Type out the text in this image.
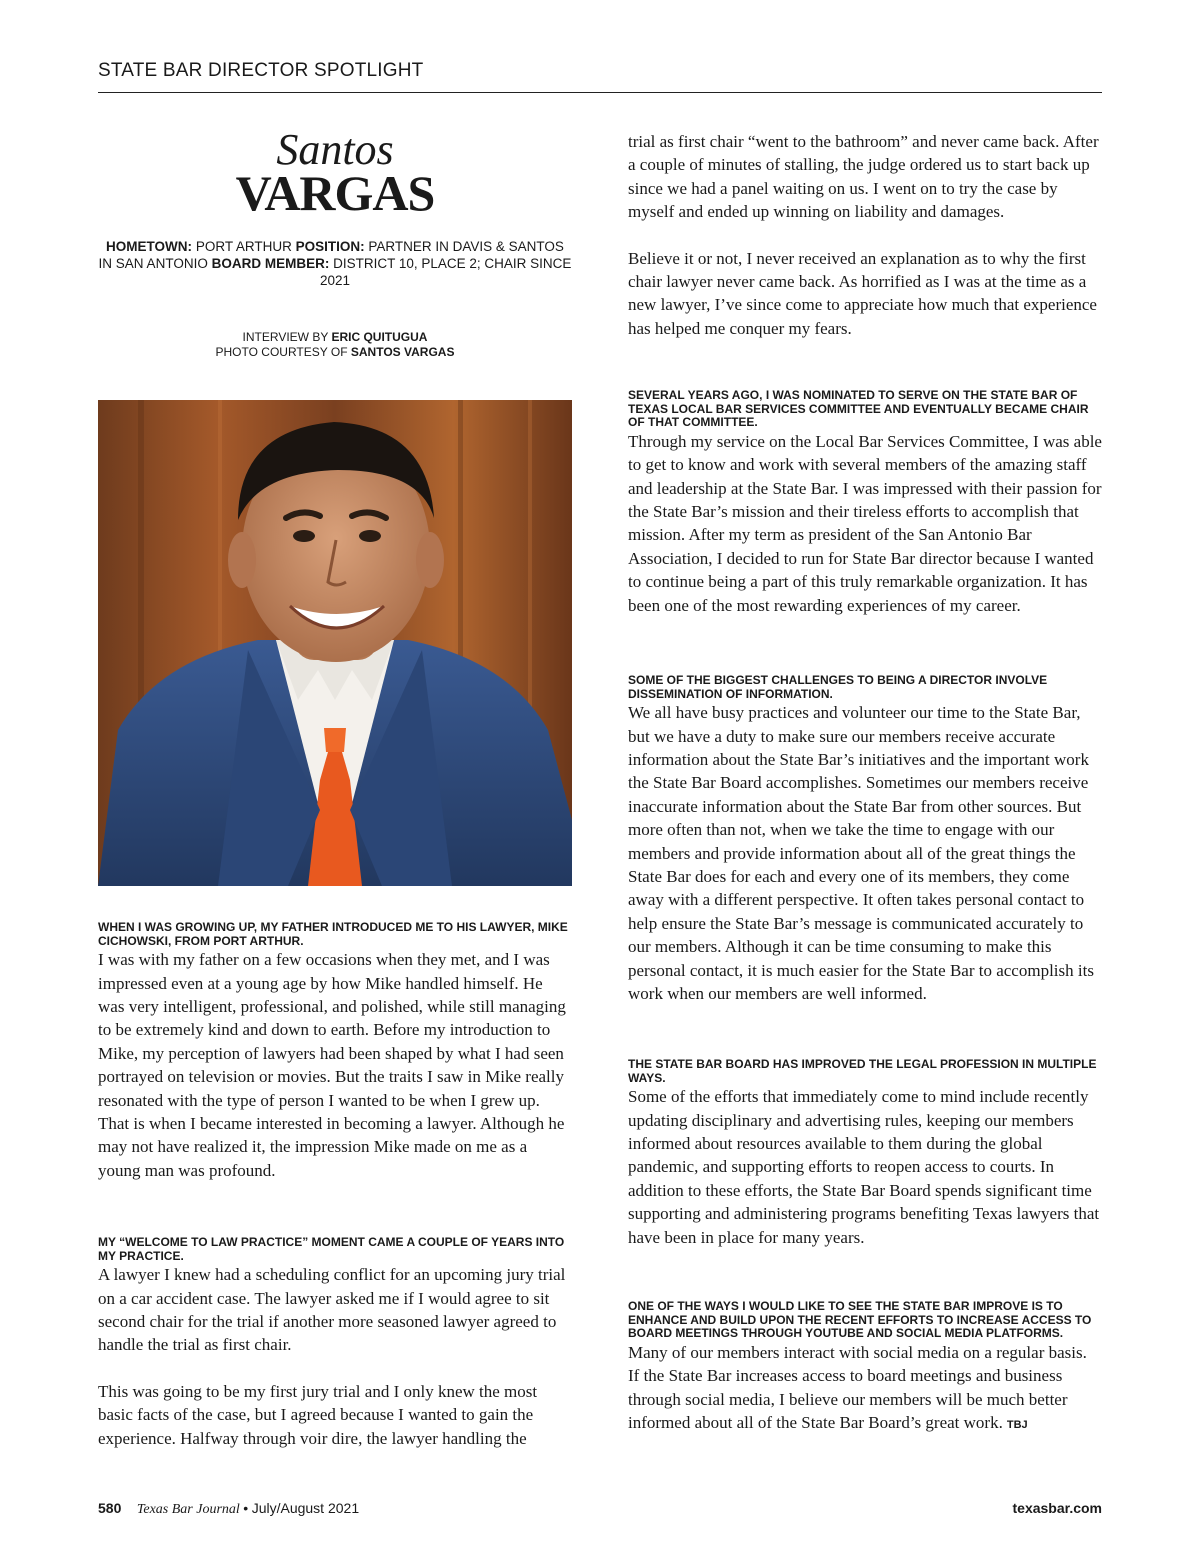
STATE BAR DIRECTOR SPOTLIGHT
Santos
VARGAS
HOMETOWN: PORT ARTHUR POSITION: PARTNER IN DAVIS & SANTOS IN SAN ANTONIO BOARD MEMBER: DISTRICT 10, PLACE 2; CHAIR SINCE 2021
INTERVIEW BY ERIC QUITUGUA
PHOTO COURTESY OF SANTOS VARGAS
WHEN I WAS GROWING UP, MY FATHER INTRODUCED ME TO HIS LAWYER, MIKE CICHOWSKI, FROM PORT ARTHUR.

I was with my father on a few occasions when they met, and I was impressed even at a young age by how Mike handled himself. He was very intelligent, professional, and polished, while still managing to be extremely kind and down to earth. Before my introduction to Mike, my perception of lawyers had been shaped by what I had seen portrayed on television or movies. But the traits I saw in Mike really resonated with the type of person I wanted to be when I grew up. That is when I became interested in becoming a lawyer. Although he may not have realized it, the impression Mike made on me as a young man was profound.

MY “WELCOME TO LAW PRACTICE” MOMENT CAME A COUPLE OF YEARS INTO MY PRACTICE.

A lawyer I knew had a scheduling conflict for an upcoming jury trial on a car accident case. The lawyer asked me if I would agree to sit second chair for the trial if another more seasoned lawyer agreed to handle the trial as first chair.

This was going to be my first jury trial and I only knew the most basic facts of the case, but I agreed because I wanted to gain the experience. Halfway through voir dire, the lawyer handling the

trial as first chair “went to the bathroom” and never came back. After a couple of minutes of stalling, the judge ordered us to start back up since we had a panel waiting on us. I went on to try the case by myself and ended up winning on liability and damages.

Believe it or not, I never received an explanation as to why the first chair lawyer never came back. As horrified as I was at the time as a new lawyer, I’ve since come to appreciate how much that experience has helped me conquer my fears.

SEVERAL YEARS AGO, I WAS NOMINATED TO SERVE ON THE STATE BAR OF TEXAS LOCAL BAR SERVICES COMMITTEE AND EVENTUALLY BECAME CHAIR OF THAT COMMITTEE.

Through my service on the Local Bar Services Committee, I was able to get to know and work with several members of the amazing staff and leadership at the State Bar. I was impressed with their passion for the State Bar’s mission and their tireless efforts to accomplish that mission. After my term as president of the San Antonio Bar Association, I decided to run for State Bar director because I wanted to continue being a part of this truly remarkable organization. It has been one of the most rewarding experiences of my career.

SOME OF THE BIGGEST CHALLENGES TO BEING A DIRECTOR INVOLVE DISSEMINATION OF INFORMATION.

We all have busy practices and volunteer our time to the State Bar, but we have a duty to make sure our members receive accurate information about the State Bar’s initiatives and the important work the State Bar Board accomplishes. Sometimes our members receive inaccurate information about the State Bar from other sources. But more often than not, when we take the time to engage with our members and provide information about all of the great things the State Bar does for each and every one of its members, they come away with a different perspective. It often takes personal contact to help ensure the State Bar’s message is communicated accurately to our members. Although it can be time consuming to make this personal contact, it is much easier for the State Bar to accomplish its work when our members are well informed.

THE STATE BAR BOARD HAS IMPROVED THE LEGAL PROFESSION IN MULTIPLE WAYS.

Some of the efforts that immediately come to mind include recently updating disciplinary and advertising rules, keeping our members informed about resources available to them during the global pandemic, and supporting efforts to reopen access to courts. In addition to these efforts, the State Bar Board spends significant time supporting and administering programs benefiting Texas lawyers that have been in place for many years.

ONE OF THE WAYS I WOULD LIKE TO SEE THE STATE BAR IMPROVE IS TO ENHANCE AND BUILD UPON THE RECENT EFFORTS TO INCREASE ACCESS TO BOARD MEETINGS THROUGH YOUTUBE AND SOCIAL MEDIA PLATFORMS.

Many of our members interact with social media on a regular basis. If the State Bar increases access to board meetings and business through social media, I believe our members will be much better informed about all of the State Bar Board’s great work. TBJ

580 Texas Bar Journal • July/August 2021	texasbar.com
